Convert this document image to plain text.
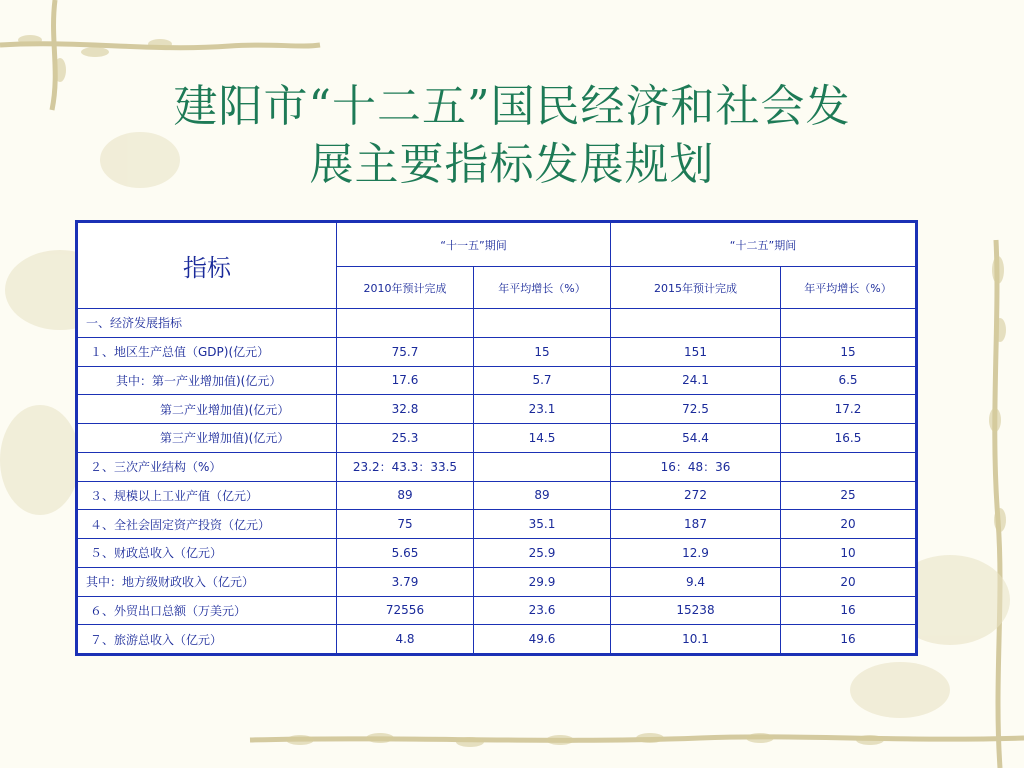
建阳市“十二五”国民经济和社会发
展主要指标发展规划
指标	“十一五”期间		“十二五”期间	
	2010年预计完成	年平均增长（%）	2015年预计完成	年平均增长（%）
一、经济发展指标				
１、地区生产总值（GDP)(亿元）	75.7	15	151	15
其中：第一产业增加值)(亿元）	17.6	5.7	24.1	6.5
第二产业增加值)(亿元）	32.8	23.1	72.5	17.2
第三产业增加值)(亿元）	25.3	14.5	54.4	16.5
２、三次产业结构（%）	23.2：43.3：33.5		16：48：36	
３、规模以上工业产值（亿元）	89	89	272	25
４、全社会固定资产投资（亿元）	75	35.1	187	20
５、财政总收入（亿元）	5.65	25.9	12.9	10
其中：地方级财政收入（亿元）	3.79	29.9	9.4	20
６、外贸出口总额（万美元）	72556	23.6	15238	16
７、旅游总收入（亿元）	4.8	49.6	10.1	16
